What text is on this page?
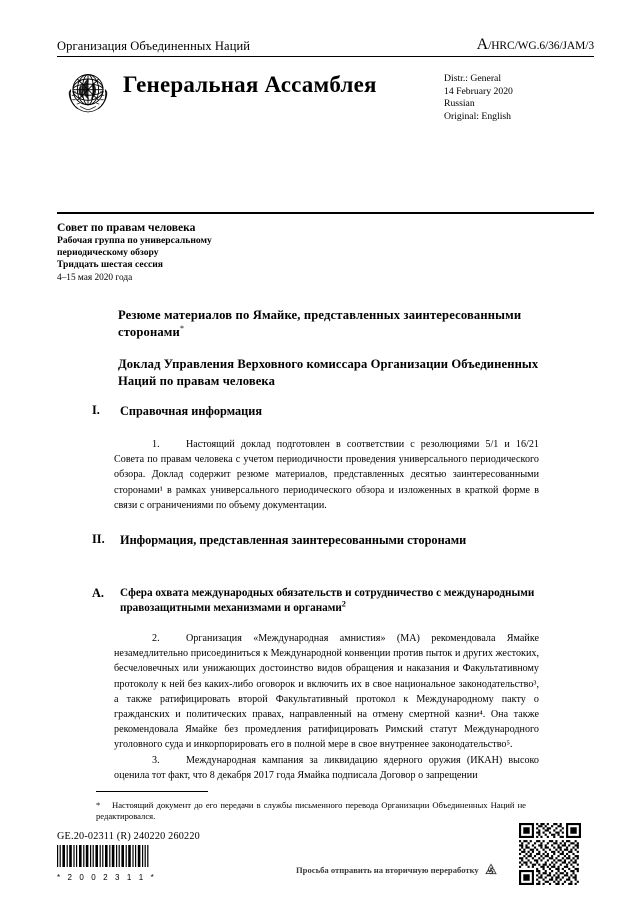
Организация Объединенных Наций	A/HRC/WG.6/36/JAM/3
Генеральная Ассамблея	Distr.: General
14 February 2020
Russian
Original: English
Совет по правам человека
Рабочая группа по универсальному
периодическому обзору
Тридцать шестая сессия
4–15 мая 2020 года
Резюме материалов по Ямайке, представленных заинтересованными сторонами*
Доклад Управления Верховного комиссара Организации Объединенных Наций по правам человека
I.	Справочная информация
1.	Настоящий доклад подготовлен в соответствии с резолюциями 5/1 и 16/21 Совета по правам человека с учетом периодичности проведения универсального периодического обзора. Доклад содержит резюме материалов, представленных десятью заинтересованными сторонами¹ в рамках универсального периодического обзора и изложенных в краткой форме в связи с ограничениями по объему документации.
II.	Информация, представленная заинтересованными сторонами
A.	Сфера охвата международных обязательств и сотрудничество с международными правозащитными механизмами и органами$^2$
2.	Организация «Международная амнистия» (МА) рекомендовала Ямайке незамедлительно присоединиться к Международной конвенции против пыток и других жестоких, бесчеловечных или унижающих достоинство видов обращения и наказания и Факультативному протоколу к ней без каких-либо оговорок и включить их в свое национальное законодательство³, а также ратифицировать второй Факультативный протокол к Международному пакту о гражданских и политических правах, направленный на отмену смертной казни⁴. Она также рекомендовала Ямайке без промедления ратифицировать Римский статут Международного уголовного суда и инкорпорировать его в полной мере в свое внутреннее законодательство⁵.
3.	Международная кампания за ликвидацию ядерного оружия (ИКАН) высоко оценила тот факт, что 8 декабря 2017 года Ямайка подписала Договор о запрещении
* Настоящий документ до его передачи в службы письменного перевода Организации Объединенных Наций не редактировался.
GE.20-02311 (R) 240220 260220
* 2 0 0 2 3 1 1 *
Просьба отправить на вторичную переработку
